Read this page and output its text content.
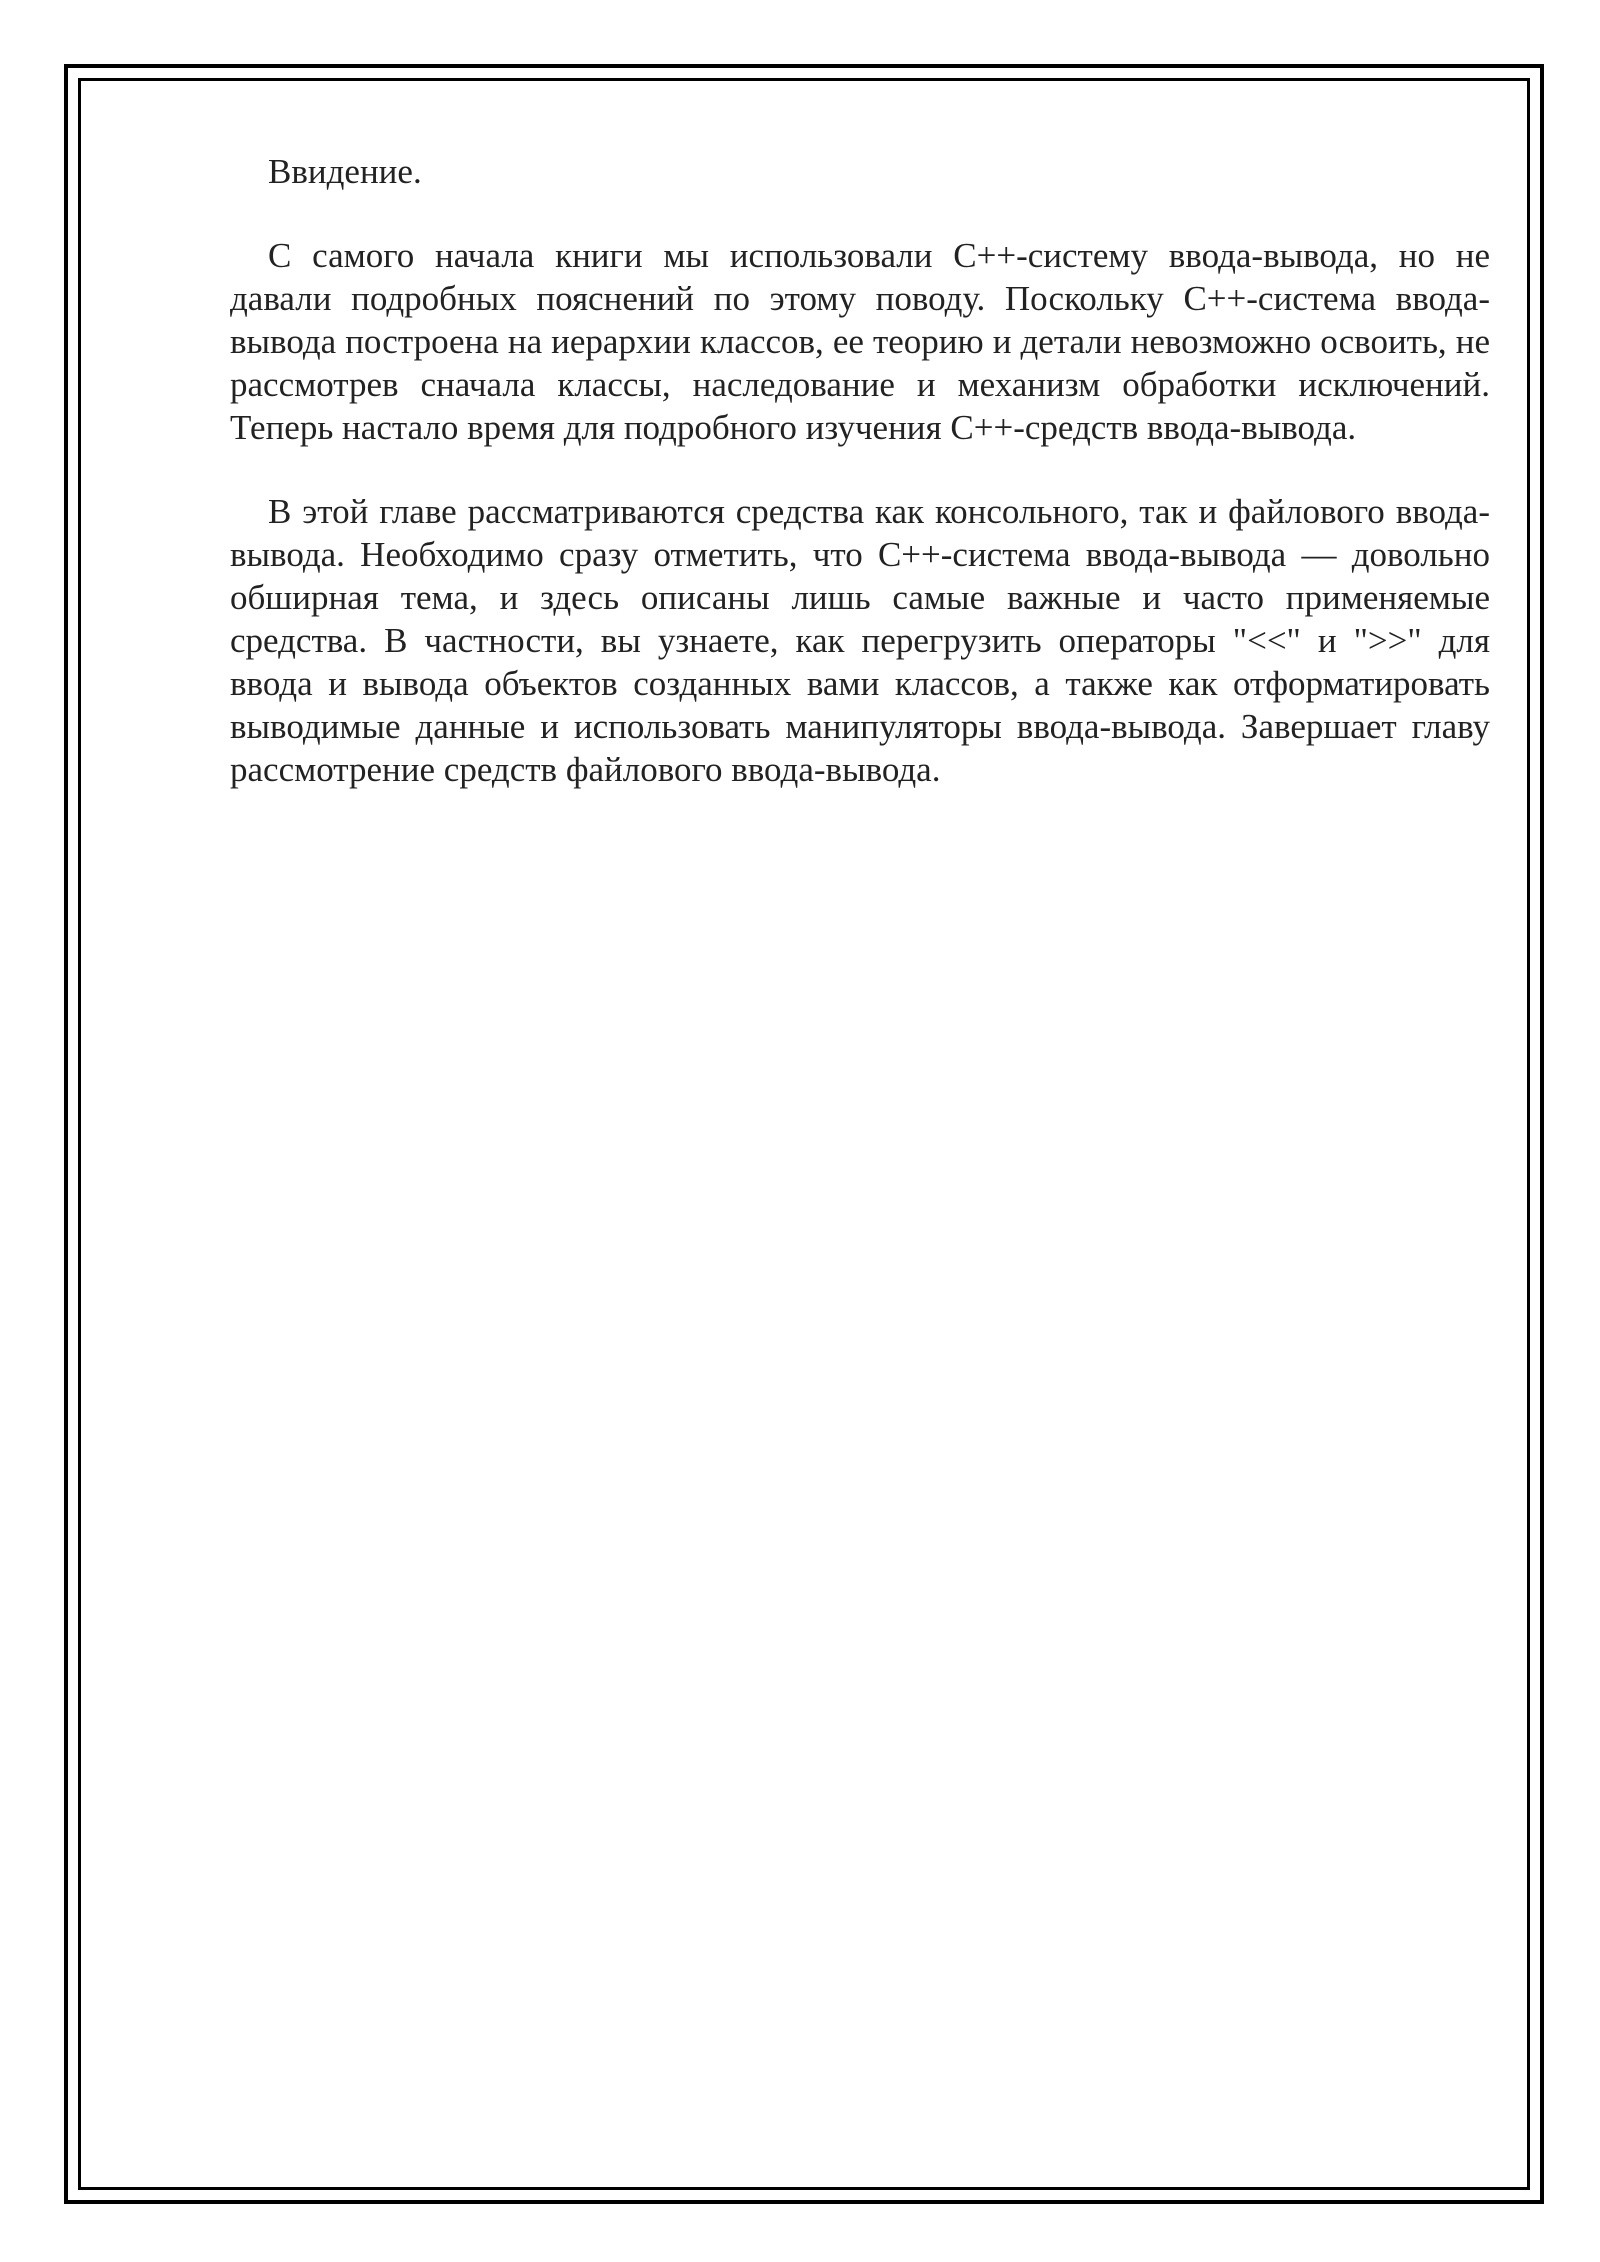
Ввидение.

С самого начала книги мы использовали C++-систему ввода-вывода, но не давали подробных пояснений по этому поводу. Поскольку C++-система ввода-вывода построена на иерархии классов, ее теорию и детали невозможно освоить, не рассмотрев сначала классы, наследование и механизм обработки исключений. Теперь настало время для подробного изучения C++-средств ввода-вывода.

В этой главе рассматриваются средства как консольного, так и файлового ввода-вывода. Необходимо сразу отметить, что C++-система ввода-вывода — довольно обширная тема, и здесь описаны лишь самые важные и часто применяемые средства. В частности, вы узнаете, как перегрузить операторы "<<" и ">>" для ввода и вывода объектов созданных вами классов, а также как отформатировать выводимые данные и использовать манипуляторы ввода-вывода. Завершает главу рассмотрение средств файлового ввода-вывода.
